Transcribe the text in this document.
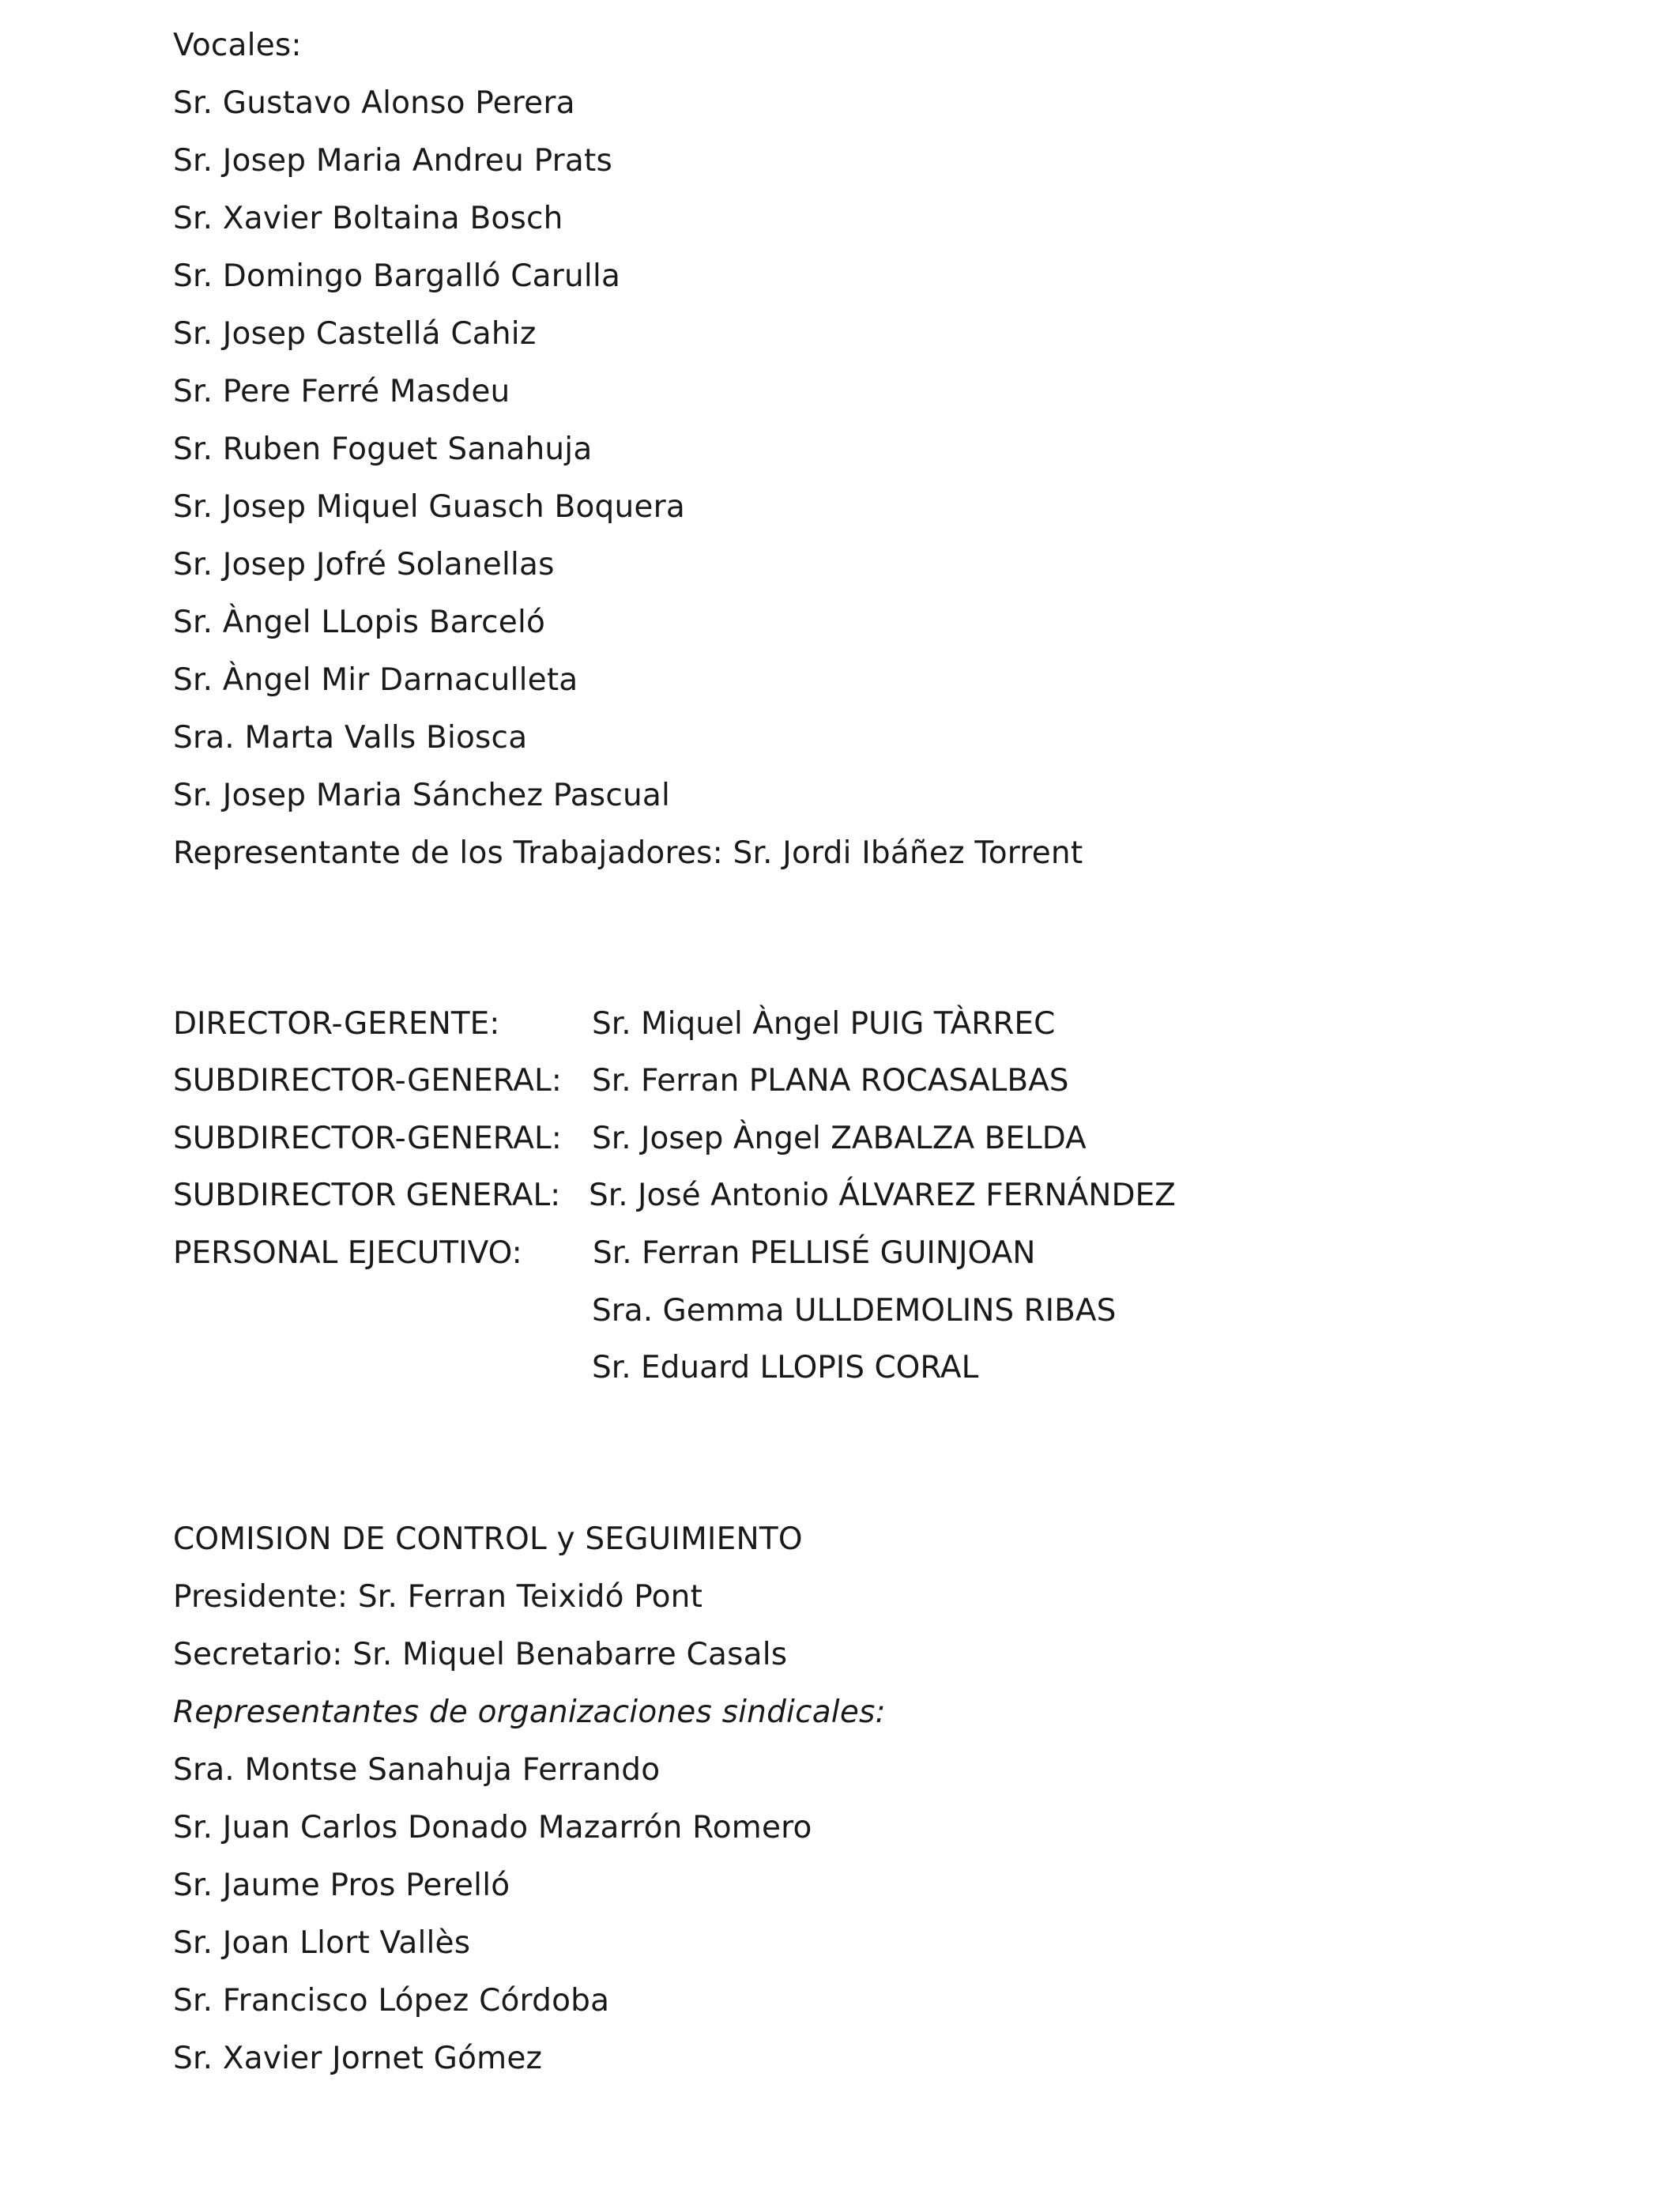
Vocales:
Sr. Gustavo Alonso Perera
Sr. Josep Maria Andreu Prats
Sr. Xavier Boltaina Bosch
Sr. Domingo Bargalló Carulla
Sr. Josep Castellá Cahiz
Sr. Pere Ferré Masdeu
Sr. Ruben Foguet Sanahuja
Sr. Josep Miquel Guasch Boquera
Sr. Josep Jofré Solanellas
Sr. Àngel LLopis Barceló
Sr. Àngel Mir Darnaculleta
Sra. Marta Valls Biosca
Sr. Josep Maria Sánchez Pascual
Representante de los Trabajadores: Sr. Jordi Ibáñez Torrent
DIRECTOR-GERENTE:	Sr. Miquel Àngel PUIG TÀRREC
SUBDIRECTOR-GENERAL: Sr. Ferran PLANA ROCASALBAS
SUBDIRECTOR-GENERAL: Sr. Josep Àngel ZABALZA BELDA
SUBDIRECTOR GENERAL: Sr. José Antonio ÁLVAREZ FERNÁNDEZ
PERSONAL EJECUTIVO: Sr. Ferran PELLISÉ GUINJOAN
Sra. Gemma ULLDEMOLINS RIBAS
Sr. Eduard LLOPIS CORAL
COMISION DE CONTROL y SEGUIMIENTO
Presidente: Sr. Ferran Teixidó Pont
Secretario: Sr. Miquel Benabarre Casals
Representantes de organizaciones sindicales:
Sra. Montse Sanahuja Ferrando
Sr. Juan Carlos Donado Mazarrón Romero
Sr. Jaume Pros Perelló
Sr. Joan Llort Vallès
Sr. Francisco López Córdoba
Sr. Xavier Jornet Gómez
